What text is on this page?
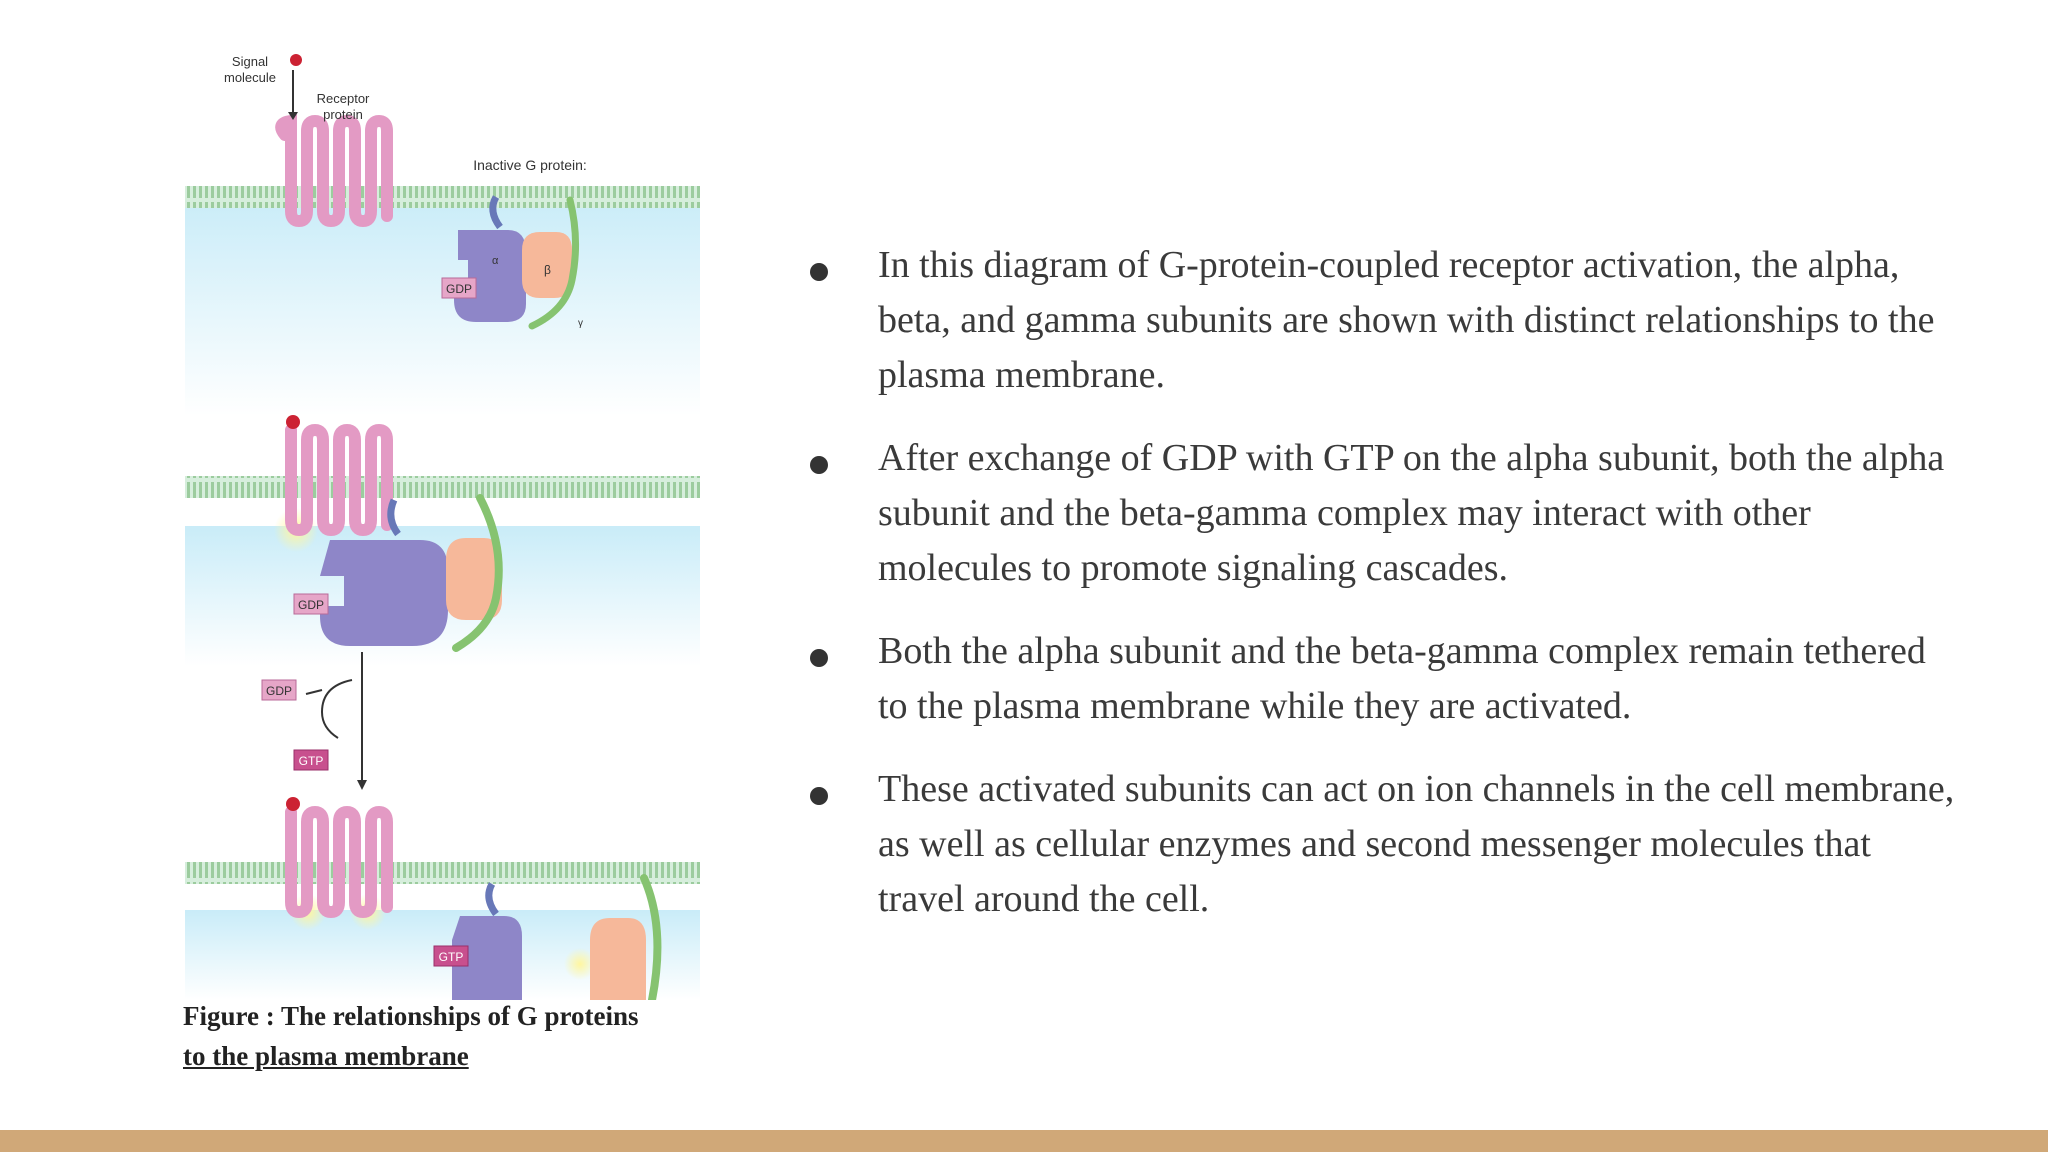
Signal
molecule
Receptor
protein
Inactive G protein:
α
β
γ
GDP
GDP
GDP
GTP
GTP
Figure : The relationships of G proteins
to the plasma membrane
In this diagram of G-protein-coupled receptor activation, the alpha, beta, and gamma subunits are shown with distinct relationships to the plasma membrane.
After exchange of GDP with GTP on the alpha subunit, both the alpha subunit and the beta-gamma complex may interact with other molecules to promote signaling cascades.
Both the alpha subunit and the beta-gamma complex remain tethered to the plasma membrane while they are activated.
These activated subunits can act on ion channels in the cell membrane, as well as cellular enzymes and second messenger molecules that travel around the cell.
